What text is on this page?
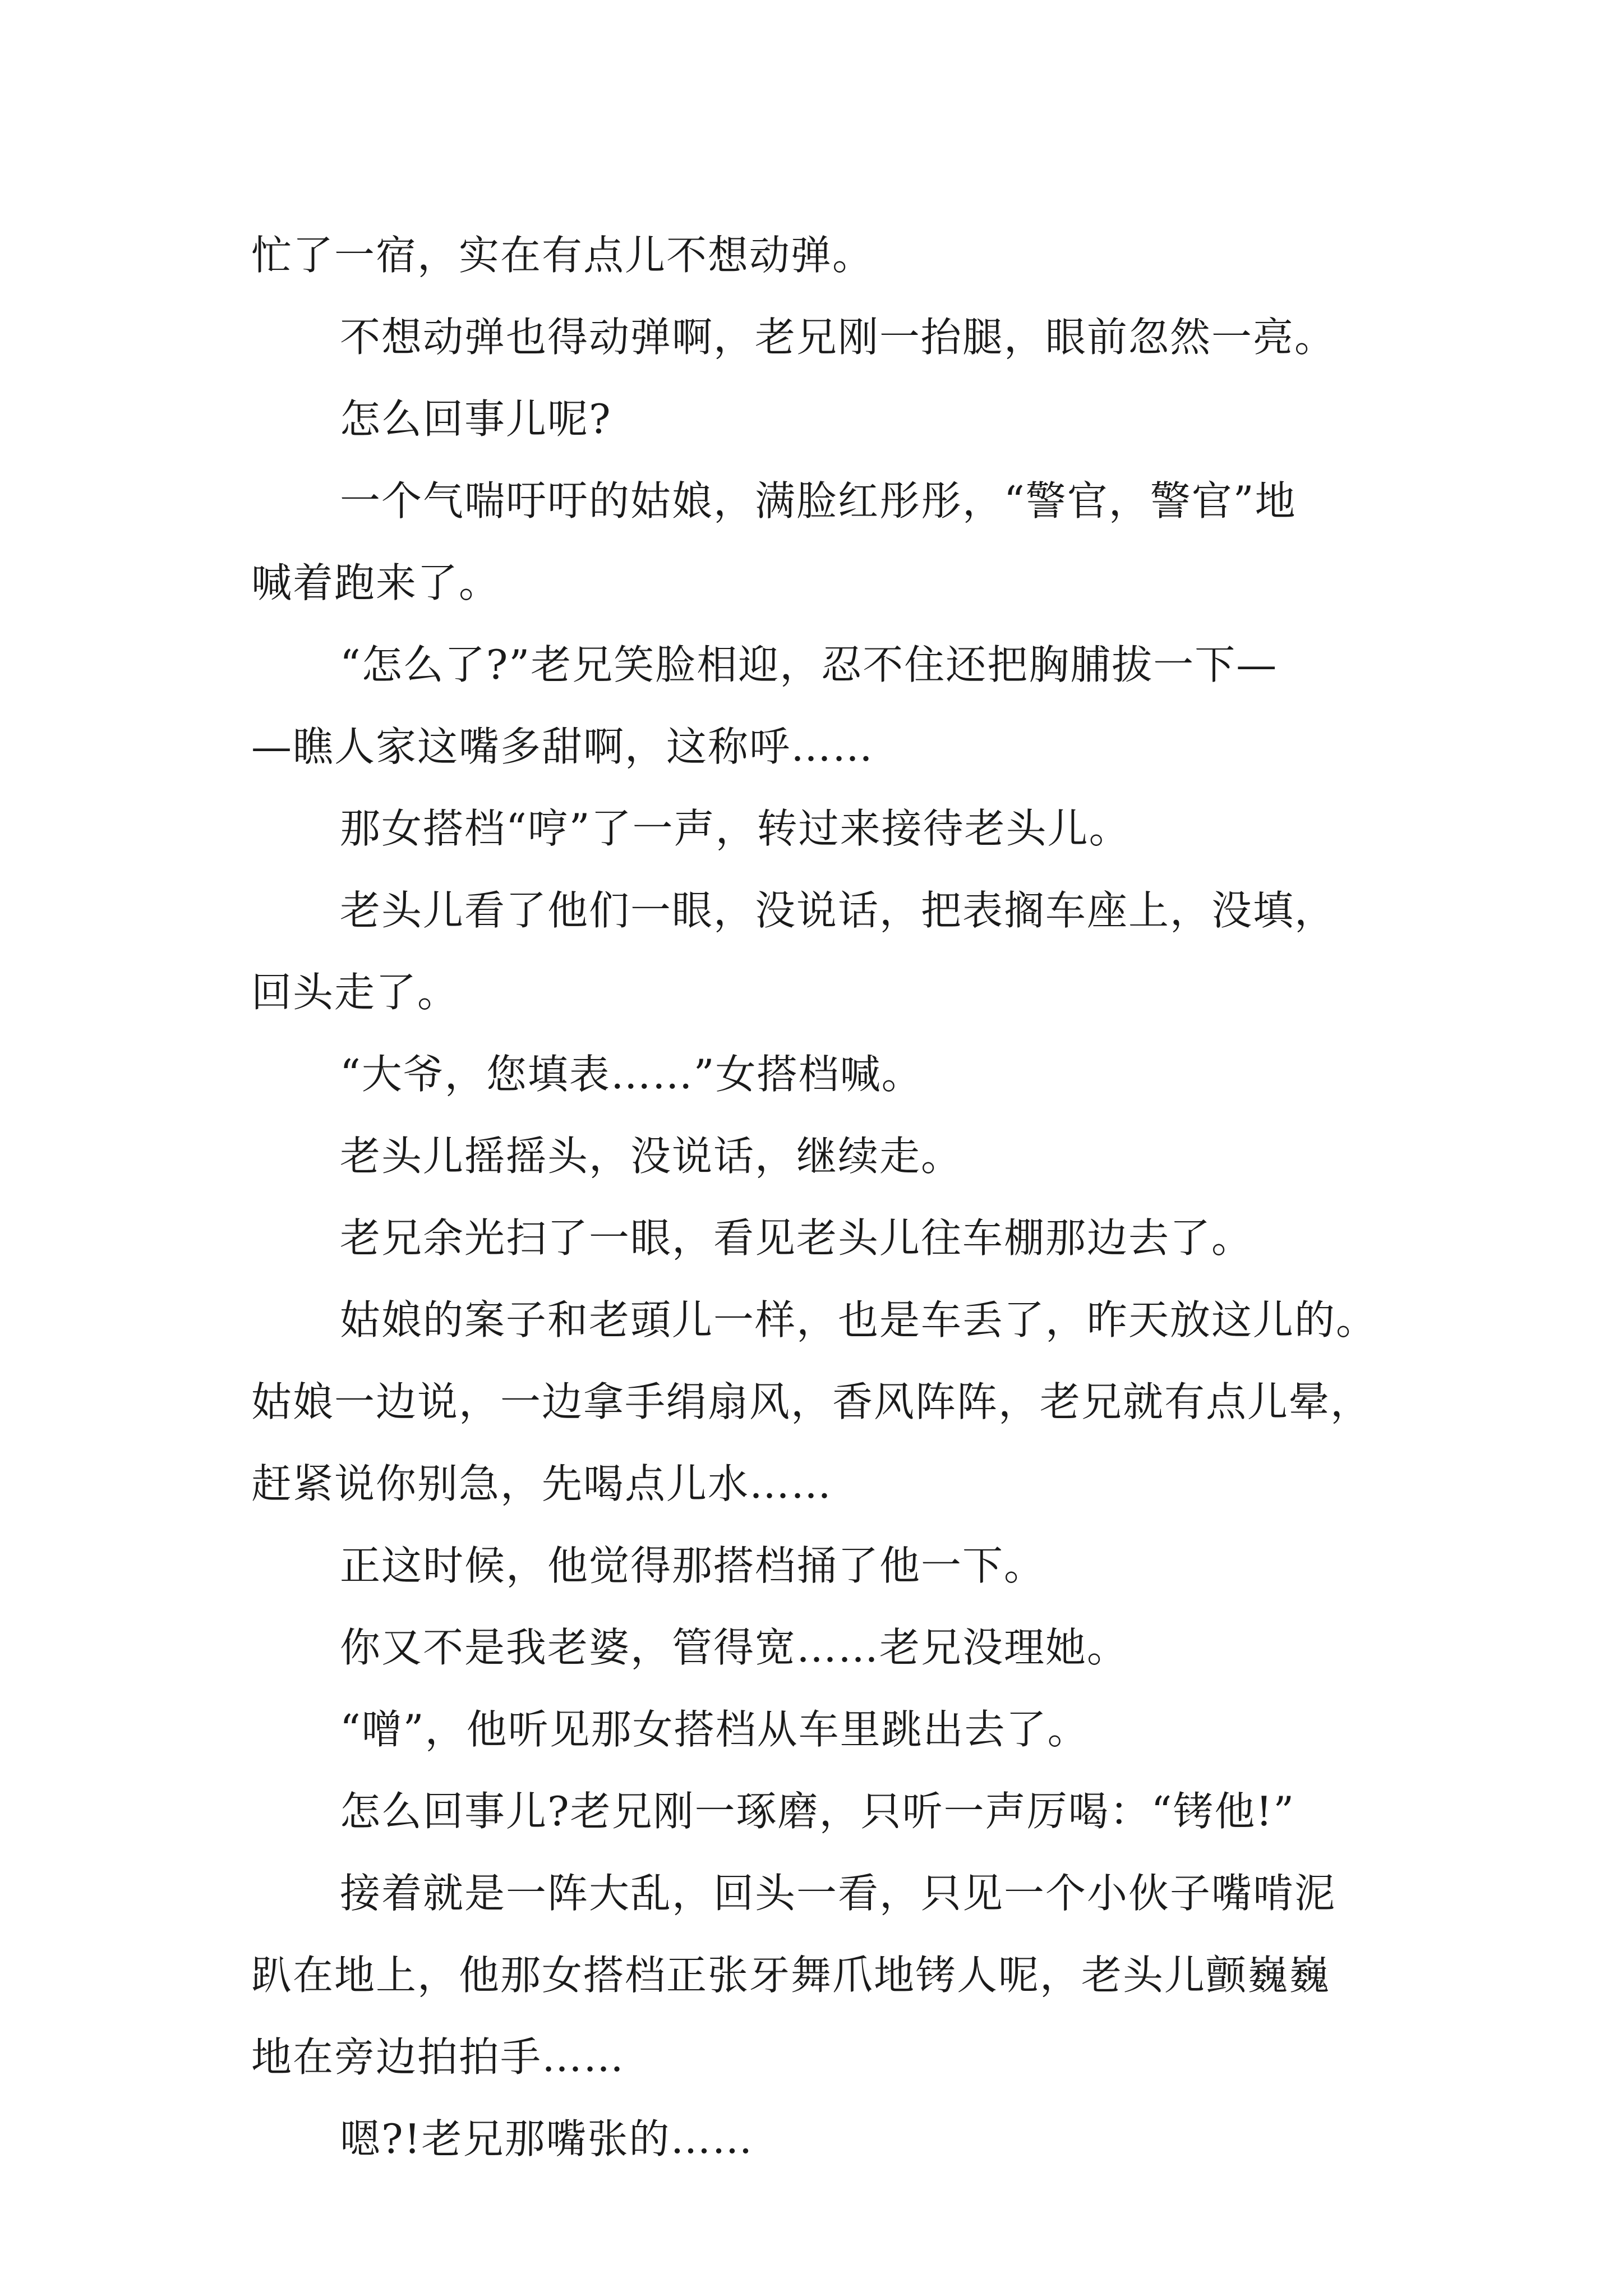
忙了一宿，实在有点儿不想动弹。
不想动弹也得动弹啊，老兄刚一抬腿，眼前忽然一亮。
怎么回事儿呢?
一个气喘吁吁的姑娘，满脸红彤彤，“警官，警官”地
喊着跑来了。
“怎么了?”老兄笑脸相迎，忍不住还把胸脯拔一下—
—瞧人家这嘴多甜啊，这称呼……
那女搭档“哼”了一声，转过来接待老头儿。
老头儿看了他们一眼，没说话，把表搁车座上，没填，
回头走了。
“大爷，您填表……”女搭档喊。
老头儿摇摇头，没说话，继续走。
老兄余光扫了一眼，看见老头儿往车棚那边去了。
姑娘的案子和老頭儿一样，也是车丢了，昨天放这儿的。
姑娘一边说，一边拿手绢扇风，香风阵阵，老兄就有点儿晕，
赶紧说你别急，先喝点儿水……
正这时候，他觉得那搭档捅了他一下。
你又不是我老婆，管得宽……老兄没理她。
“噌”，他听见那女搭档从车里跳出去了。
怎么回事儿?老兄刚一琢磨，只听一声厉喝：“铐他!”
接着就是一阵大乱，回头一看，只见一个小伙子嘴啃泥
趴在地上，他那女搭档正张牙舞爪地铐人呢，老头儿颤巍巍
地在旁边拍拍手……
嗯?!老兄那嘴张的……
